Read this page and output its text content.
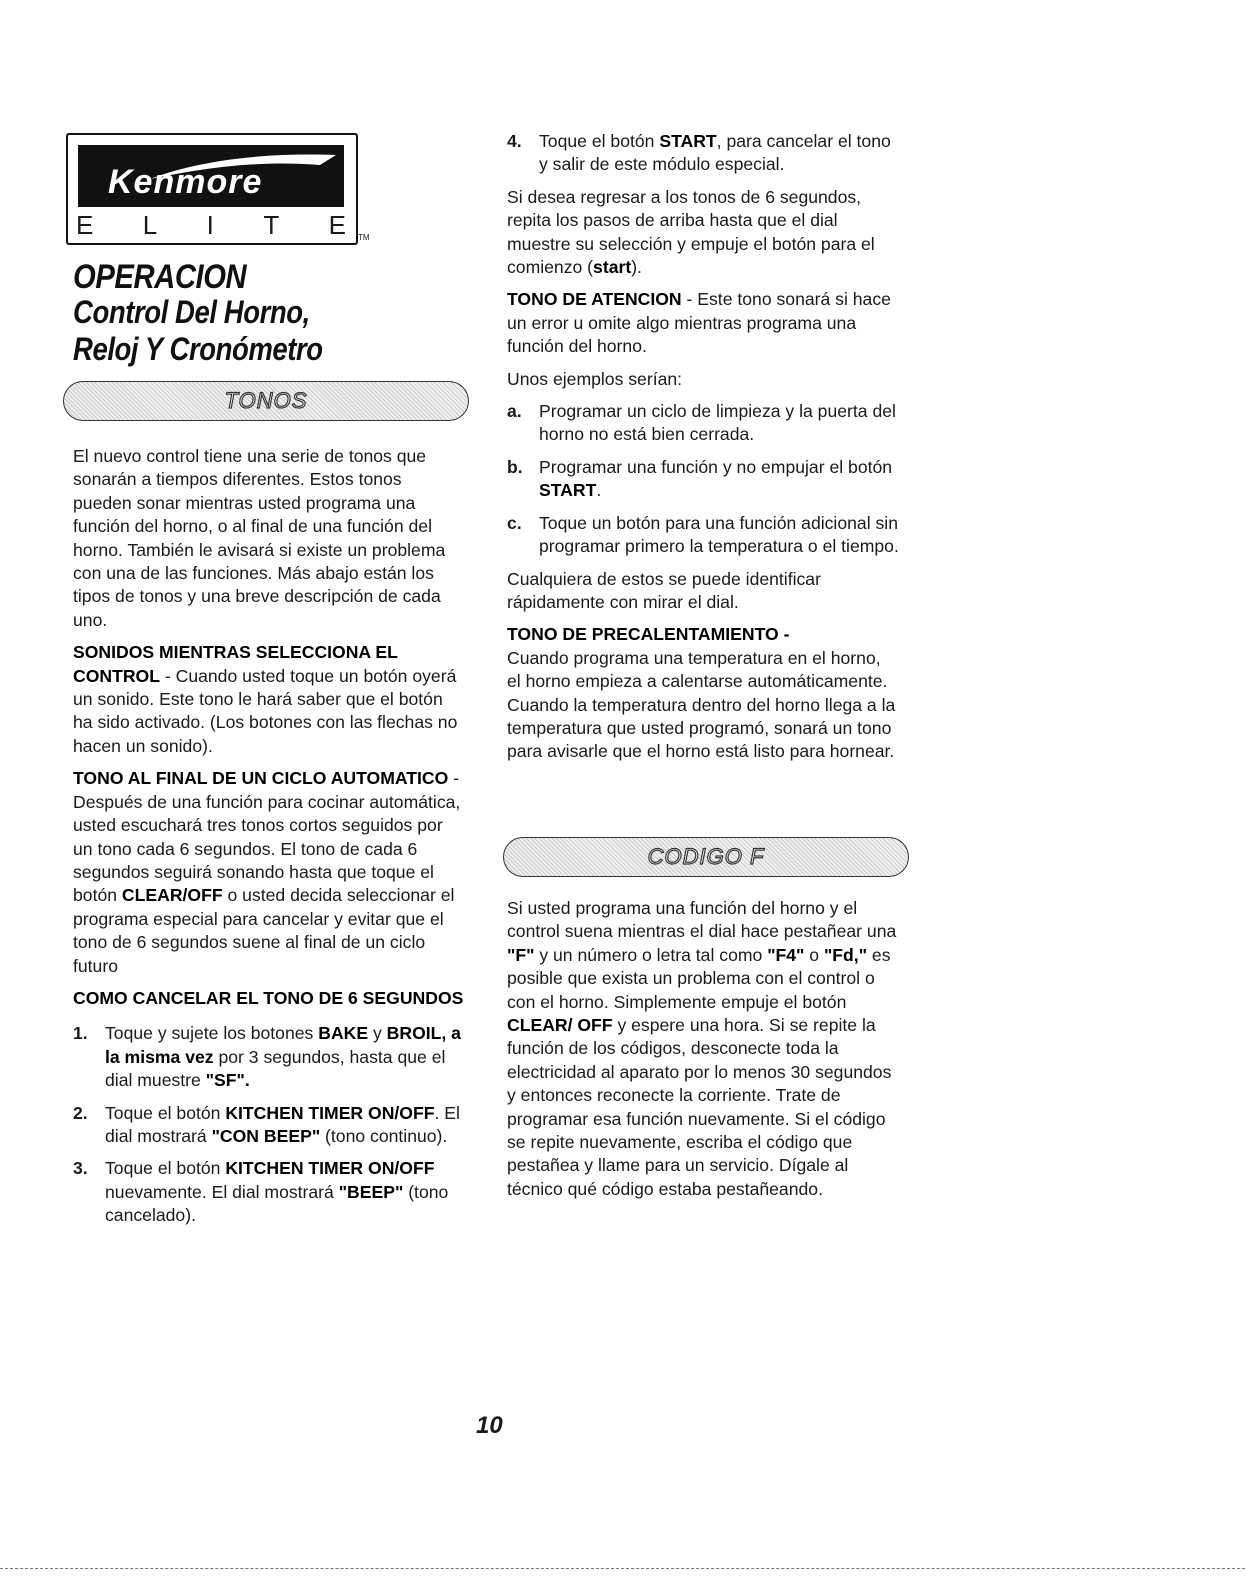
Kenmore
E L I T E TM
OPERACION
Control Del Horno,
Reloj Y Cronómetro
TONOS

El nuevo control tiene una serie de tonos que sonarán a tiempos diferentes. Estos tonos pueden sonar mientras usted programa una función del horno, o al final de una función del horno. También le avisará si existe un problema con una de las funciones. Más abajo están los tipos de tonos y una breve descripción de cada uno.

SONIDOS MIENTRAS SELECCIONA EL CONTROL - Cuando usted toque un botón oyerá un sonido. Este tono le hará saber que el botón ha sido activado. (Los botones con las flechas no hacen un sonido).

TONO AL FINAL DE UN CICLO AUTOMATICO - Después de una función para cocinar automática, usted escuchará tres tonos cortos seguidos por un tono cada 6 segundos. El tono de cada 6 segundos seguirá sonando hasta que toque el botón CLEAR/OFF o usted decida seleccionar el programa especial para cancelar y evitar que el tono de 6 segundos suene al final de un ciclo futuro

COMO CANCELAR EL TONO DE 6 SEGUNDOS

1. Toque y sujete los botones BAKE y BROIL, a la misma vez por 3 segundos, hasta que el dial muestre "SF".
2. Toque el botón KITCHEN TIMER ON/OFF. El dial mostrará "CON BEEP" (tono continuo).
3. Toque el botón KITCHEN TIMER ON/OFF nuevamente. El dial mostrará "BEEP" (tono cancelado).
4. Toque el botón START, para cancelar el tono y salir de este módulo especial.

Si desea regresar a los tonos de 6 segundos, repita los pasos de arriba hasta que el dial muestre su selección y empuje el botón para el comienzo (start).

TONO DE ATENCION - Este tono sonará si hace un error u omite algo mientras programa una función del horno.

Unos ejemplos serían:

a. Programar un ciclo de limpieza y la puerta del horno no está bien cerrada.
b. Programar una función y no empujar el botón START.
c. Toque un botón para una función adicional sin programar primero la temperatura o el tiempo.

Cualquiera de estos se puede identificar rápidamente con mirar el dial.

TONO DE PRECALENTAMIENTO -

Cuando programa una temperatura en el horno, el horno empieza a calentarse automáticamente. Cuando la temperatura dentro del horno llega a la temperatura que usted programó, sonará un tono para avisarle que el horno está listo para hornear.

CODIGO F

Si usted programa una función del horno y el control suena mientras el dial hace pestañear una "F" y un número o letra tal como "F4" o "Fd," es posible que exista un problema con el control o con el horno. Simplemente empuje el botón CLEAR/ OFF y espere una hora. Si se repite la función de los códigos, desconecte toda la electricidad al aparato por lo menos 30 segundos y entonces reconecte la corriente. Trate de programar esa función nuevamente. Si el código se repite nuevamente, escriba el código que pestañea y llame para un servicio. Dígale al técnico qué código estaba pestañeando.

10
